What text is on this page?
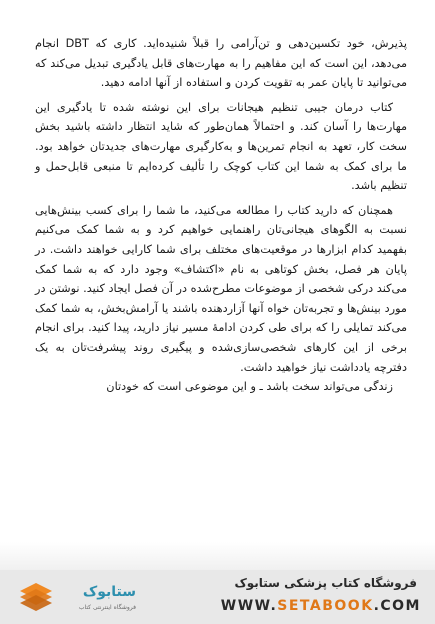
پذیرش، خود تکسین‌دهی و تن‌آرامی را قبلاً شنیده‌اید. کاری که DBT انجام می‌دهد، این است که این مفاهیم را به مهارت‌های قابل یادگیری تبدیل می‌کند که می‌توانید تا پایان عمر به تقویت کردن و استفاده از آنها ادامه دهید.

کتاب درمان جیبی تنظیم هیجانات برای این نوشته شده تا یادگیری این مهارت‌ها را آسان کند. و احتمالاً همان‌طور که شاید انتظار داشته باشید بخش سخت کار، تعهد به انجام تمرین‌ها و به‌کارگیری مهارت‌های جدیدتان خواهد بود. ما برای کمک به شما این کتاب کوچک را تألیف کرده‌ایم تا منبعی قابل‌حمل و تنظیم باشد.

همچنان که دارید کتاب را مطالعه می‌کنید، ما شما را برای کسب بینش‌هایی نسبت به الگوهای هیجانی‌تان راهنمایی خواهیم کرد و به شما کمک می‌کنیم بفهمید کدام ابزارها در موقعیت‌های مختلف برای شما کارایی خواهند داشت. در پایان هر فصل، بخش کوتاهی به نام «اکتشاف» وجود دارد که به شما کمک می‌کند درکی شخصی از موضوعات مطرح‌شده در آن فصل ایجاد کنید. نوشتن در مورد بینش‌ها و تجربه‌تان خواه آنها آزاردهنده باشند یا آرامش‌بخش، به شما کمک می‌کند تمایلی را که برای طی کردن ادامهٔ مسیر نیاز دارید، پیدا کنید. برای انجام برخی از این کارهای شخصی‌سازی‌شده و پیگیری روند پیشرفت‌تان به یک دفترچه یادداشت نیاز خواهید داشت.

زندگی می‌تواند سخت باشد ـ و این موضوعی است که خودتان

ستابوک
فروشگاه اینترنتی کتاب
فروشگاه کتاب پزشکی ستابوک
WWW.SETABOOK.COM
